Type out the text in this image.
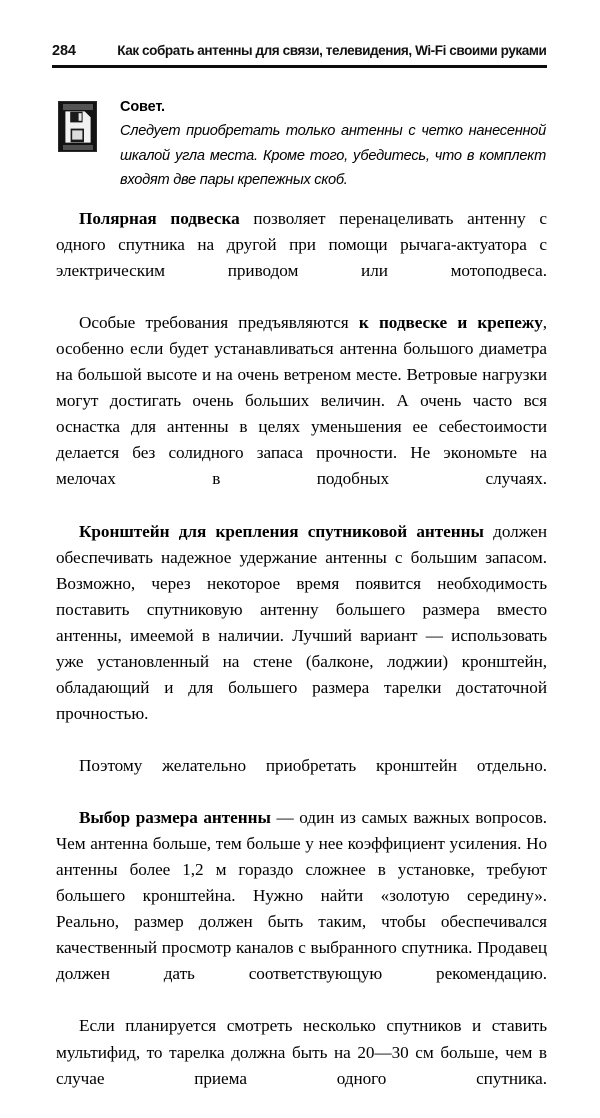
284	Как собрать антенны для связи, телевидения, Wi-Fi своими руками

Совет.

Следует приобретать только антенны с четко нанесенной шкалой угла места. Кроме того, убедитесь, что в комплект входят две пары крепежных скоб.

Полярная подвеска позволяет перенацеливать антенну с одного спутника на другой при помощи рычага-актуатора с электрическим приводом или мотоподвеса.

Особые требования предъявляются к подвеске и крепежу, особенно если будет устанавливаться антенна большого диаметра на большой высоте и на очень ветреном месте. Ветровые нагрузки могут достигать очень больших величин. А очень часто вся оснастка для антенны в целях уменьшения ее себестоимости делается без солидного запаса прочности. Не экономьте на мелочах в подобных случаях.

Кронштейн для крепления спутниковой антенны должен обеспечивать надежное удержание антенны с большим запасом. Возможно, через некоторое время появится необходимость поставить спутниковую антенну большего размера вместо антенны, имеемой в наличии. Лучший вариант — использовать уже установленный на стене (балконе, лоджии) кронштейн, обладающий и для большего размера тарелки достаточной прочностью.

Поэтому желательно приобретать кронштейн отдельно.

Выбор размера антенны — один из самых важных вопросов. Чем антенна больше, тем больше у нее коэффициент усиления. Но антенны более 1,2 м гораздо сложнее в установке, требуют большего кронштейна. Нужно найти «золотую середину». Реально, размер должен быть таким, чтобы обеспечивался качественный просмотр каналов с выбранного спутника. Продавец должен дать соответствующую рекомендацию.

Если планируется смотреть несколько спутников и ставить мультифид, то тарелка должна быть на 20—30 см больше, чем в случае приема одного спутника.
